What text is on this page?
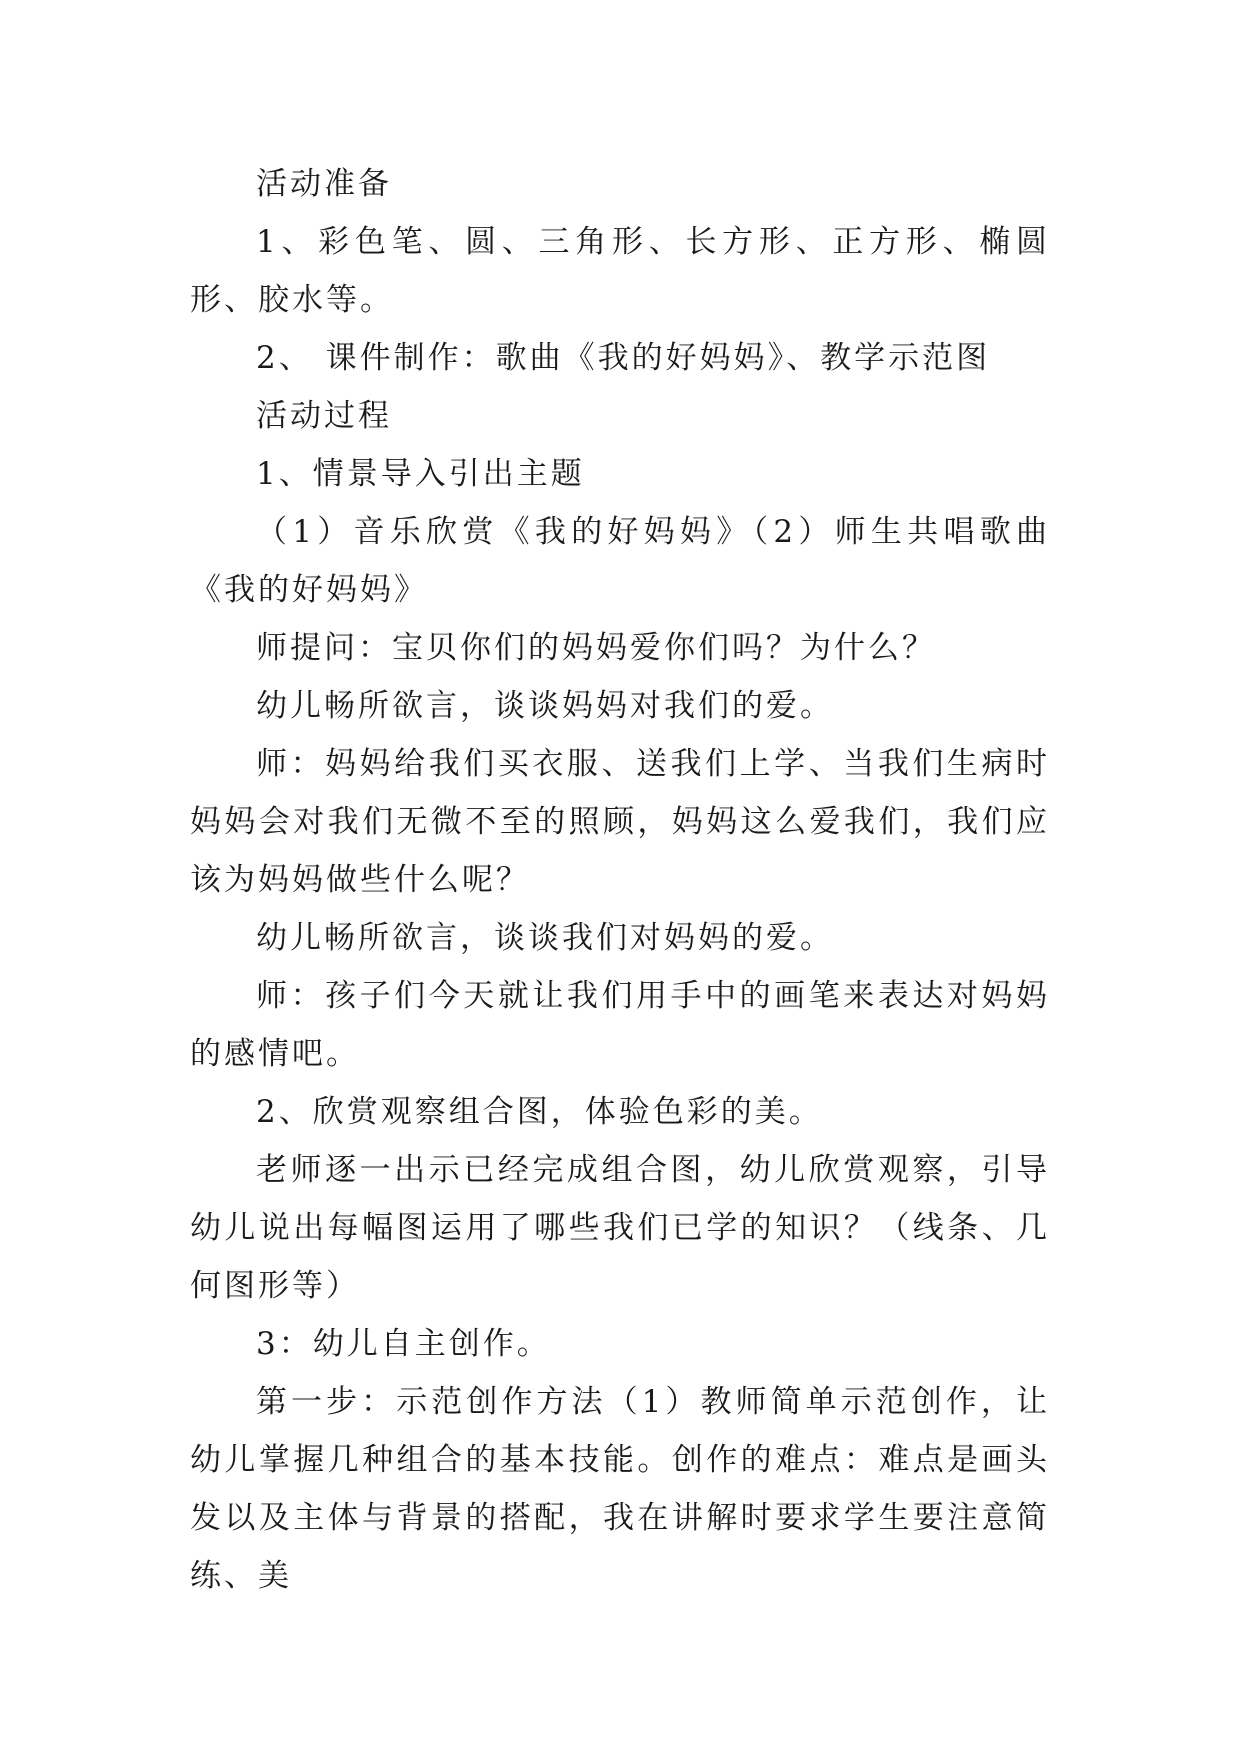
活动准备

1、彩色笔、圆、三角形、长方形、正方形、椭圆形、胶水等。

2、 课件制作：歌曲《我的好妈妈》、教学示范图

活动过程

1、情景导入引出主题

（1）音乐欣赏《我的好妈妈》（2）师生共唱歌曲《我的好妈妈》

师提问：宝贝你们的妈妈爱你们吗？为什么？

幼儿畅所欲言，谈谈妈妈对我们的爱。

师：妈妈给我们买衣服、送我们上学、当我们生病时妈妈会对我们无微不至的照顾，妈妈这么爱我们，我们应该为妈妈做些什么呢？

幼儿畅所欲言，谈谈我们对妈妈的爱。

师：孩子们今天就让我们用手中的画笔来表达对妈妈的感情吧。

2、欣赏观察组合图，体验色彩的美。

老师逐一出示已经完成组合图，幼儿欣赏观察，引导幼儿说出每幅图运用了哪些我们已学的知识？（线条、几何图形等）

3：幼儿自主创作。

第一步：示范创作方法（1）教师简单示范创作，让幼儿掌握几种组合的基本技能。创作的难点：难点是画头发以及主体与背景的搭配，我在讲解时要求学生要注意简练、美
